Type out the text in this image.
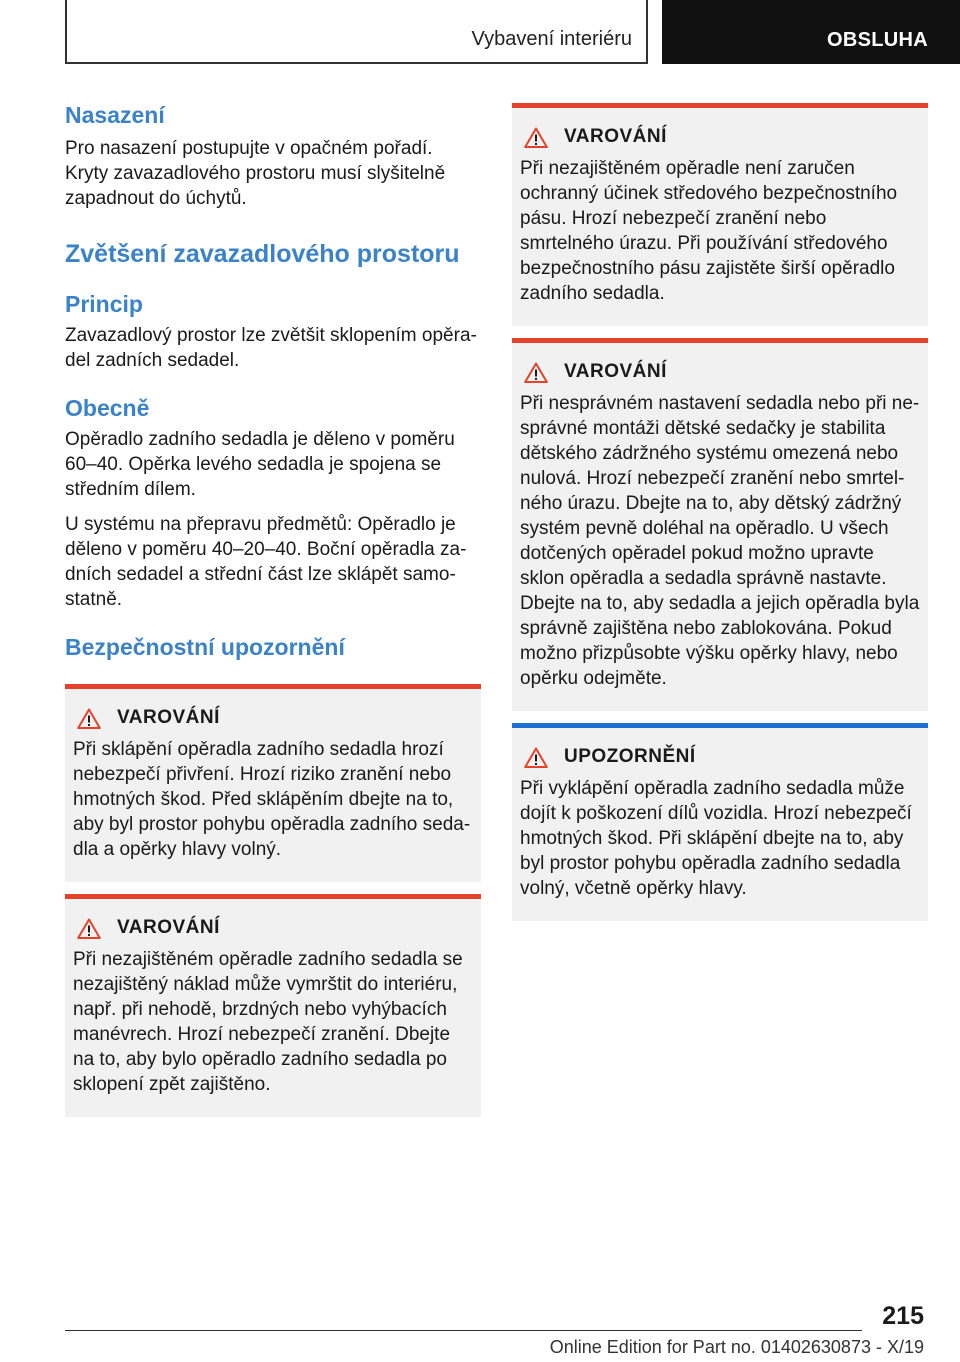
Vybavení interiéru	OBSLUHA
Nasazení

Pro nasazení postupujte v opačném pořadí. Kryty zavazadlového prostoru musí slyšitelně zapadnout do úchytů.

Zvětšení zavazadlového prostoru
Princip

Zavazadlový prostor lze zvětšit sklopením opěradel zadních sedadel.

Obecně

Opěradlo zadního sedadla je děleno v poměru 60–40. Opěrka levého sedadla je spojena se středním dílem.

U systému na přepravu předmětů: Opěradlo je děleno v poměru 40–20–40. Boční opěradla zadních sedadel a střední část lze sklápět samostatně.

Bezpečnostní upozornění
VAROVÁNÍ

Při sklápění opěradla zadního sedadla hrozí nebezpečí přivření. Hrozí riziko zranění nebo hmotných škod. Před sklápěním dbejte na to, aby byl prostor pohybu opěradla zadního sedadla a opěrky hlavy volný.

VAROVÁNÍ

Při nezajištěném opěradle zadního sedadla se nezajištěný náklad může vymrštit do interiéru, např. při nehodě, brzdných nebo vyhýbacích manévrech. Hrozí nebezpečí zranění. Dbejte na to, aby bylo opěradlo zadního sedadla po sklopení zpět zajištěno.

VAROVÁNÍ

Při nezajištěném opěradle není zaručen ochranný účinek středového bezpečnostního pásu. Hrozí nebezpečí zranění nebo smrtelného úrazu. Při používání středového bezpečnostního pásu zajistěte širší opěradlo zadního sedadla.

VAROVÁNÍ

Při nesprávném nastavení sedadla nebo při nesprávné montáži dětské sedačky je stabilita dětského zádržného systému omezená nebo nulová. Hrozí nebezpečí zranění nebo smrtelného úrazu. Dbejte na to, aby dětský zádržný systém pevně doléhal na opěradlo. U všech dotčených opěradel pokud možno upravte sklon opěradla a sedadla správně nastavte. Dbejte na to, aby sedadla a jejich opěradla byla správně zajištěna nebo zablokována. Pokud možno přizpůsobte výšku opěrky hlavy, nebo opěrku odejměte.

UPOZORNĚNÍ

Při vyklápění opěradla zadního sedadla může dojít k poškození dílů vozidla. Hrozí nebezpečí hmotných škod. Při sklápění dbejte na to, aby byl prostor pohybu opěradla zadního sedadla volný, včetně opěrky hlavy.

215
Online Edition for Part no. 01402630873 - X/19
